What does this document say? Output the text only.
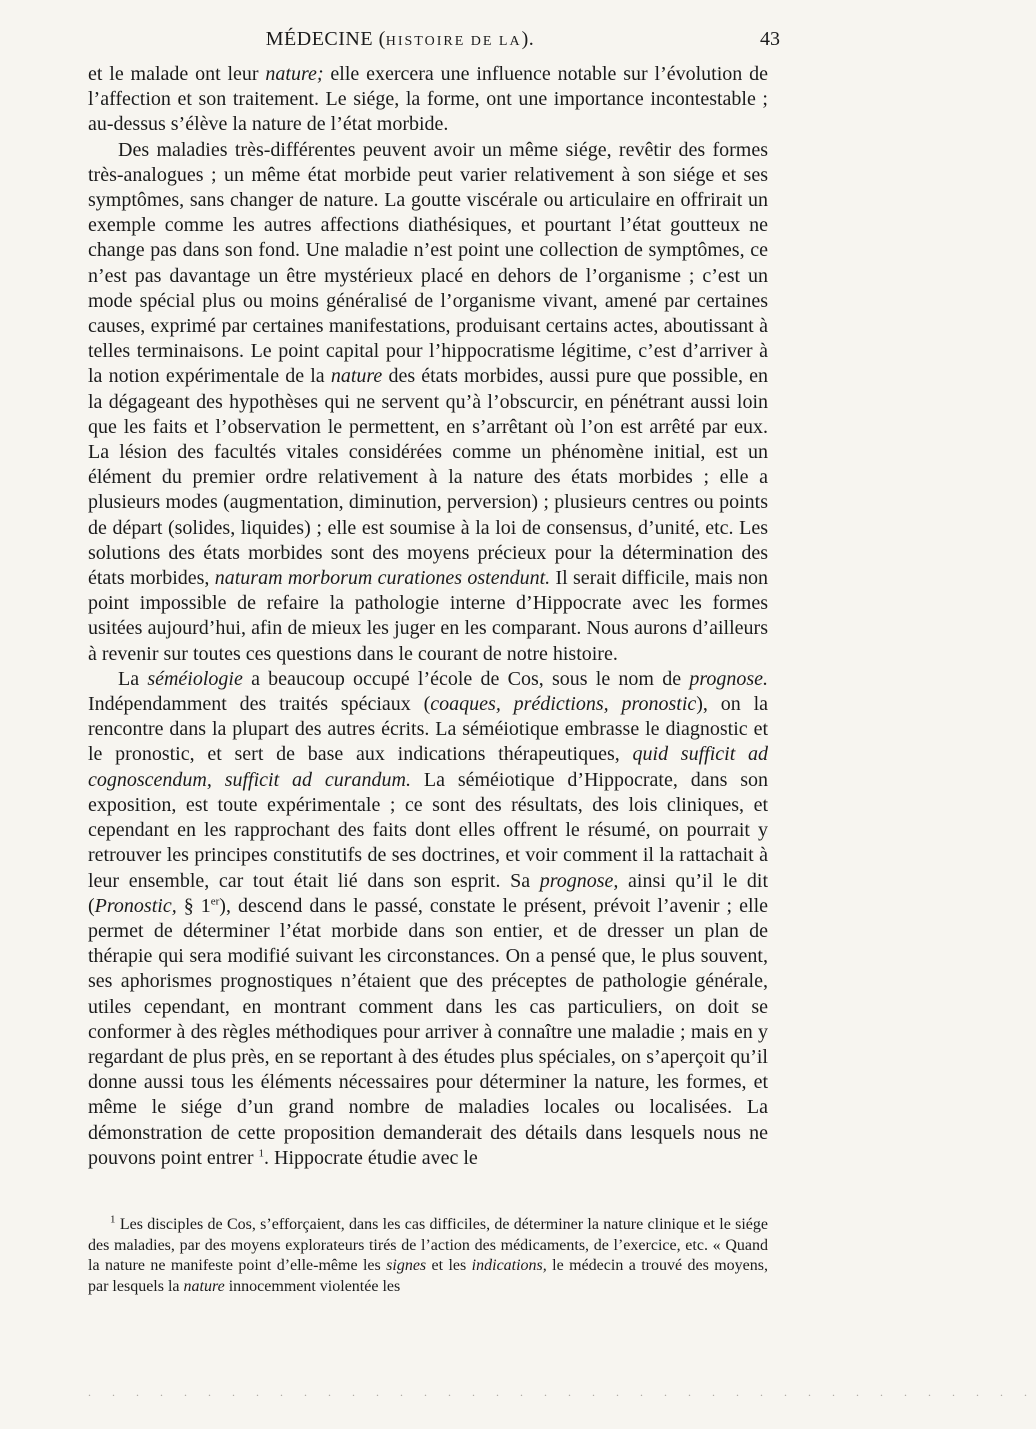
MÉDECINE (HISTOIRE DE LA).	43

et le malade ont leur nature; elle exercera une influence notable sur l’évolution de l’affection et son traitement. Le siége, la forme, ont une importance incontestable ; au-dessus s’élève la nature de l’état morbide.

Des maladies très-différentes peuvent avoir un même siége, revêtir des formes très-analogues ; un même état morbide peut varier relativement à son siége et ses symptômes, sans changer de nature. La goutte viscérale ou articulaire en offrirait un exemple comme les autres affections diathésiques, et pourtant l’état goutteux ne change pas dans son fond. Une maladie n’est point une collection de symptômes, ce n’est pas davantage un être mystérieux placé en dehors de l’organisme ; c’est un mode spécial plus ou moins généralisé de l’organisme vivant, amené par certaines causes, exprimé par certaines manifestations, produisant certains actes, aboutissant à telles terminaisons. Le point capital pour l’hippocratisme légitime, c’est d’arriver à la notion expérimentale de la nature des états morbides, aussi pure que possible, en la dégageant des hypothèses qui ne servent qu’à l’obscurcir, en pénétrant aussi loin que les faits et l’observation le permettent, en s’arrêtant où l’on est arrêté par eux. La lésion des facultés vitales considérées comme un phénomène initial, est un élément du premier ordre relativement à la nature des états morbides ; elle a plusieurs modes (augmentation, diminution, perversion) ; plusieurs centres ou points de départ (solides, liquides) ; elle est soumise à la loi de consensus, d’unité, etc. Les solutions des états morbides sont des moyens précieux pour la détermination des états morbides, naturam morborum curationes ostendunt. Il serait difficile, mais non point impossible de refaire la pathologie interne d’Hippocrate avec les formes usitées aujourd’hui, afin de mieux les juger en les comparant. Nous aurons d’ailleurs à revenir sur toutes ces questions dans le courant de notre histoire.

La séméiologie a beaucoup occupé l’école de Cos, sous le nom de prognose. Indépendamment des traités spéciaux (coaques, prédictions, pronostic), on la rencontre dans la plupart des autres écrits. La séméiotique embrasse le diagnostic et le pronostic, et sert de base aux indications thérapeutiques, quid sufficit ad cognoscendum, sufficit ad curandum. La séméiotique d’Hippocrate, dans son exposition, est toute expérimentale ; ce sont des résultats, des lois cliniques, et cependant en les rapprochant des faits dont elles offrent le résumé, on pourrait y retrouver les principes constitutifs de ses doctrines, et voir comment il la rattachait à leur ensemble, car tout était lié dans son esprit. Sa prognose, ainsi qu’il le dit (Pronostic, § 1er), descend dans le passé, constate le présent, prévoit l’avenir ; elle permet de déterminer l’état morbide dans son entier, et de dresser un plan de thérapie qui sera modifié suivant les circonstances. On a pensé que, le plus souvent, ses aphorismes prognostiques n’étaient que des préceptes de pathologie générale, utiles cependant, en montrant comment dans les cas particuliers, on doit se conformer à des règles méthodiques pour arriver à connaître une maladie ; mais en y regardant de plus près, en se reportant à des études plus spéciales, on s’aperçoit qu’il donne aussi tous les éléments nécessaires pour déterminer la nature, les formes, et même le siége d’un grand nombre de maladies locales ou localisées. La démonstration de cette proposition demanderait des détails dans lesquels nous ne pouvons point entrer $^1$. Hippocrate étudie avec le

$^1$ Les disciples de Cos, s’efforçaient, dans les cas difficiles, de déterminer la nature clinique et le siége des maladies, par des moyens explorateurs tirés de l’action des médicaments, de l’exercice, etc. « Quand la nature ne manifeste point d’elle-même les signes et les indications, le médecin a trouvé des moyens, par lesquels la nature innocemment violentée les

. . . . . . . . . . . . . . . . . . . . . . . . . . . . . . . . . . . . . . . .
